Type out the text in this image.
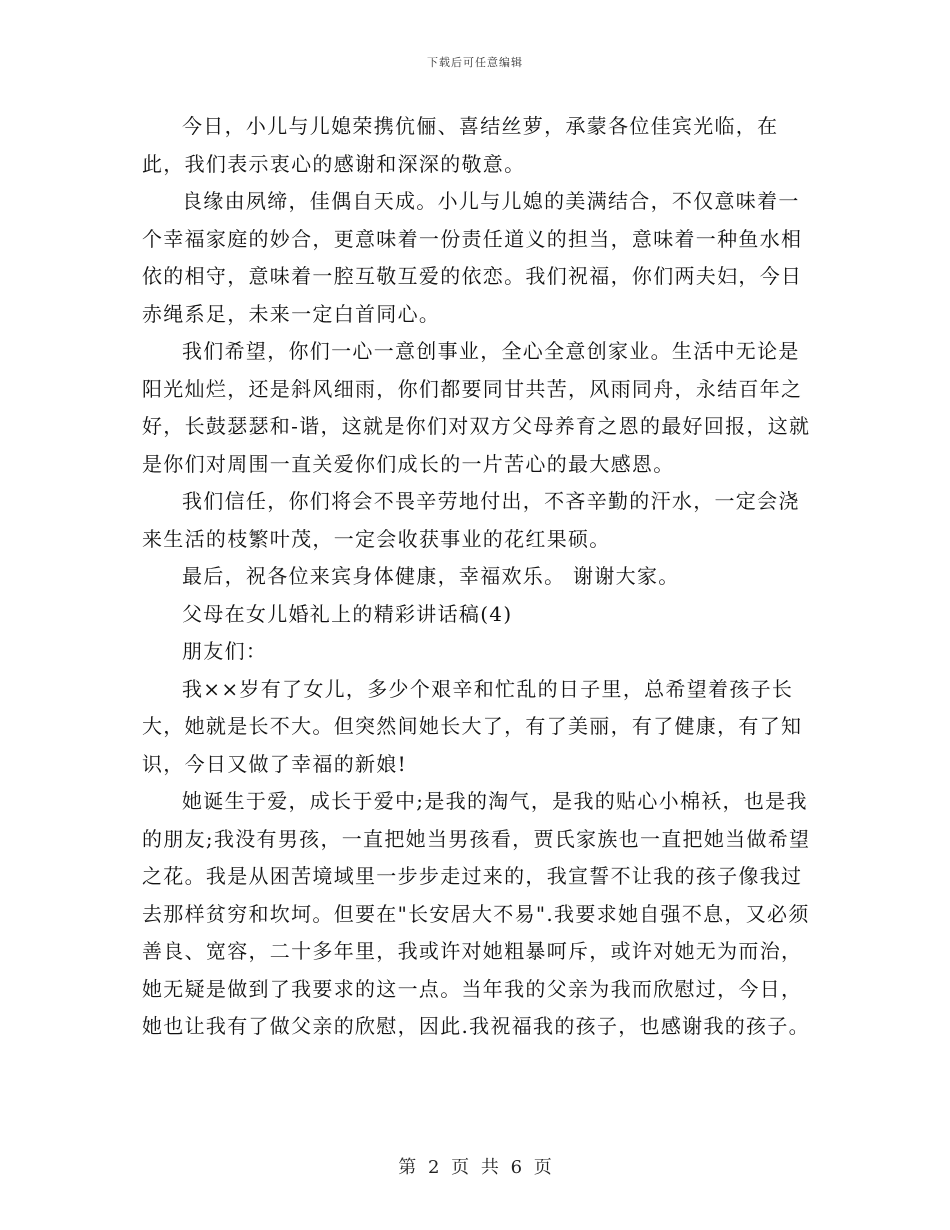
下载后可任意编辑

今日，小儿与儿媳荣携伉俪、喜结丝萝，承蒙各位佳宾光临，在此，我们表示衷心的感谢和深深的敬意。

良缘由夙缔，佳偶自天成。小儿与儿媳的美满结合，不仅意味着一个幸福家庭的妙合，更意味着一份责任道义的担当，意味着一种鱼水相依的相守，意味着一腔互敬互爱的依恋。我们祝福，你们两夫妇，今日赤绳系足，未来一定白首同心。

我们希望，你们一心一意创事业，全心全意创家业。生活中无论是阳光灿烂，还是斜风细雨，你们都要同甘共苦，风雨同舟，永结百年之好，长鼓瑟瑟和-谐，这就是你们对双方父母养育之恩的最好回报，这就是你们对周围一直关爱你们成长的一片苦心的最大感恩。

我们信任，你们将会不畏辛劳地付出，不吝辛勤的汗水，一定会浇来生活的枝繁叶茂，一定会收获事业的花红果硕。

最后，祝各位来宾身体健康，幸福欢乐。 谢谢大家。

父母在女儿婚礼上的精彩讲话稿(4)

朋友们：

我××岁有了女儿，多少个艰辛和忙乱的日子里，总希望着孩子长大，她就是长不大。但突然间她长大了，有了美丽，有了健康，有了知识，今日又做了幸福的新娘!

她诞生于爱，成长于爱中;是我的淘气，是我的贴心小棉袄，也是我的朋友;我没有男孩，一直把她当男孩看，贾氏家族也一直把她当做希望之花。我是从困苦境域里一步步走过来的，我宣誓不让我的孩子像我过去那样贫穷和坎坷。但要在"长安居大不易".我要求她自强不息，又必须善良、宽容，二十多年里，我或许对她粗暴呵斥，或许对她无为而治，她无疑是做到了我要求的这一点。当年我的父亲为我而欣慰过，今日，她也让我有了做父亲的欣慰，因此.我祝福我的孩子，也感谢我的孩子。

第 2 页 共 6 页
